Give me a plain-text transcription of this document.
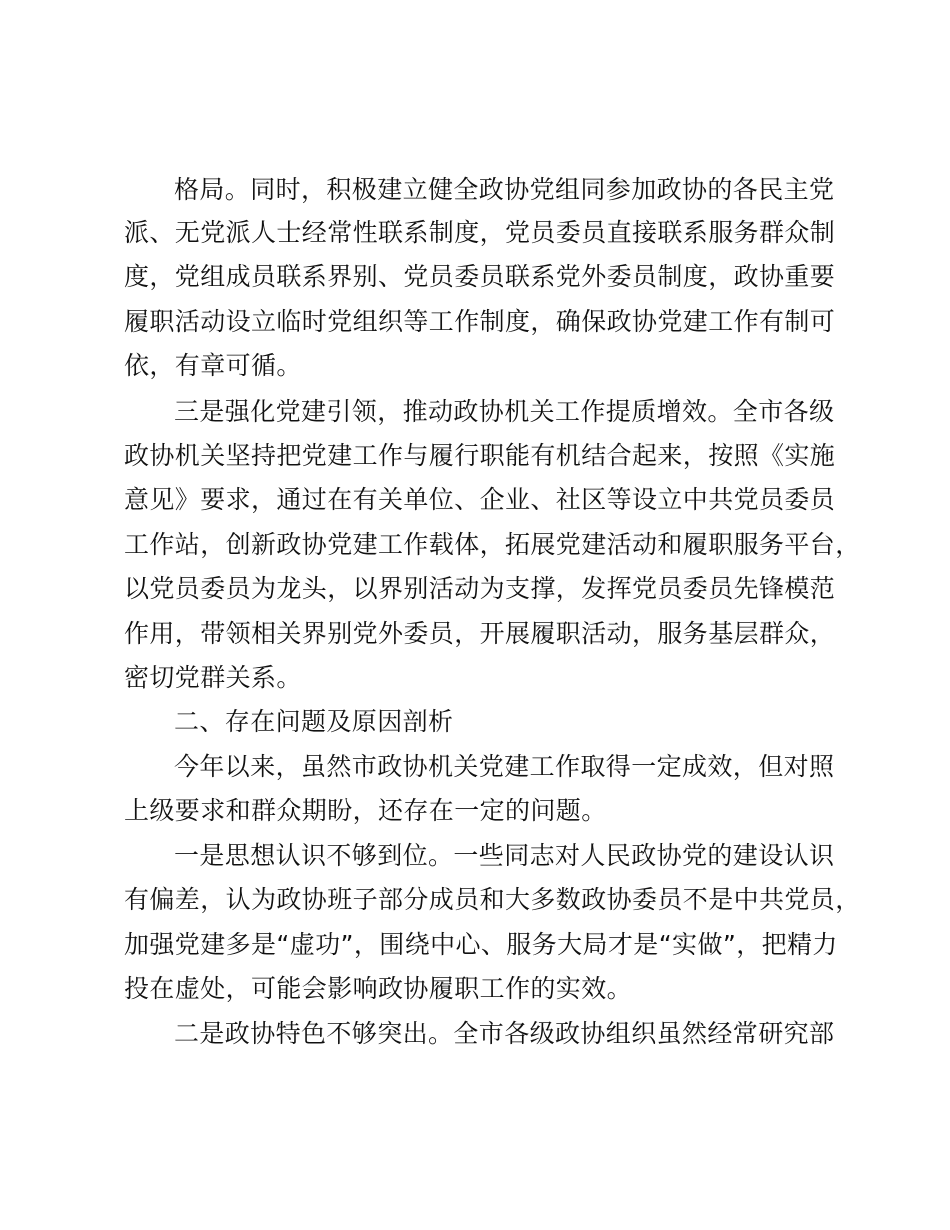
格局。同时，积极建立健全政协党组同参加政协的各民主党
派、无党派人士经常性联系制度，党员委员直接联系服务群众制
度，党组成员联系界别、党员委员联系党外委员制度，政协重要
履职活动设立临时党组织等工作制度，确保政协党建工作有制可
依，有章可循。
三是强化党建引领，推动政协机关工作提质增效。全市各级
政协机关坚持把党建工作与履行职能有机结合起来，按照《实施
意见》要求，通过在有关单位、企业、社区等设立中共党员委员
工作站，创新政协党建工作载体，拓展党建活动和履职服务平台，
以党员委员为龙头，以界别活动为支撑，发挥党员委员先锋模范
作用，带领相关界别党外委员，开展履职活动，服务基层群众，
密切党群关系。
二、存在问题及原因剖析
今年以来，虽然市政协机关党建工作取得一定成效，但对照
上级要求和群众期盼，还存在一定的问题。
一是思想认识不够到位。一些同志对人民政协党的建设认识
有偏差，认为政协班子部分成员和大多数政协委员不是中共党员，
加强党建多是“虚功”，围绕中心、服务大局才是“实做”，把精力
投在虚处，可能会影响政协履职工作的实效。
二是政协特色不够突出。全市各级政协组织虽然经常研究部
